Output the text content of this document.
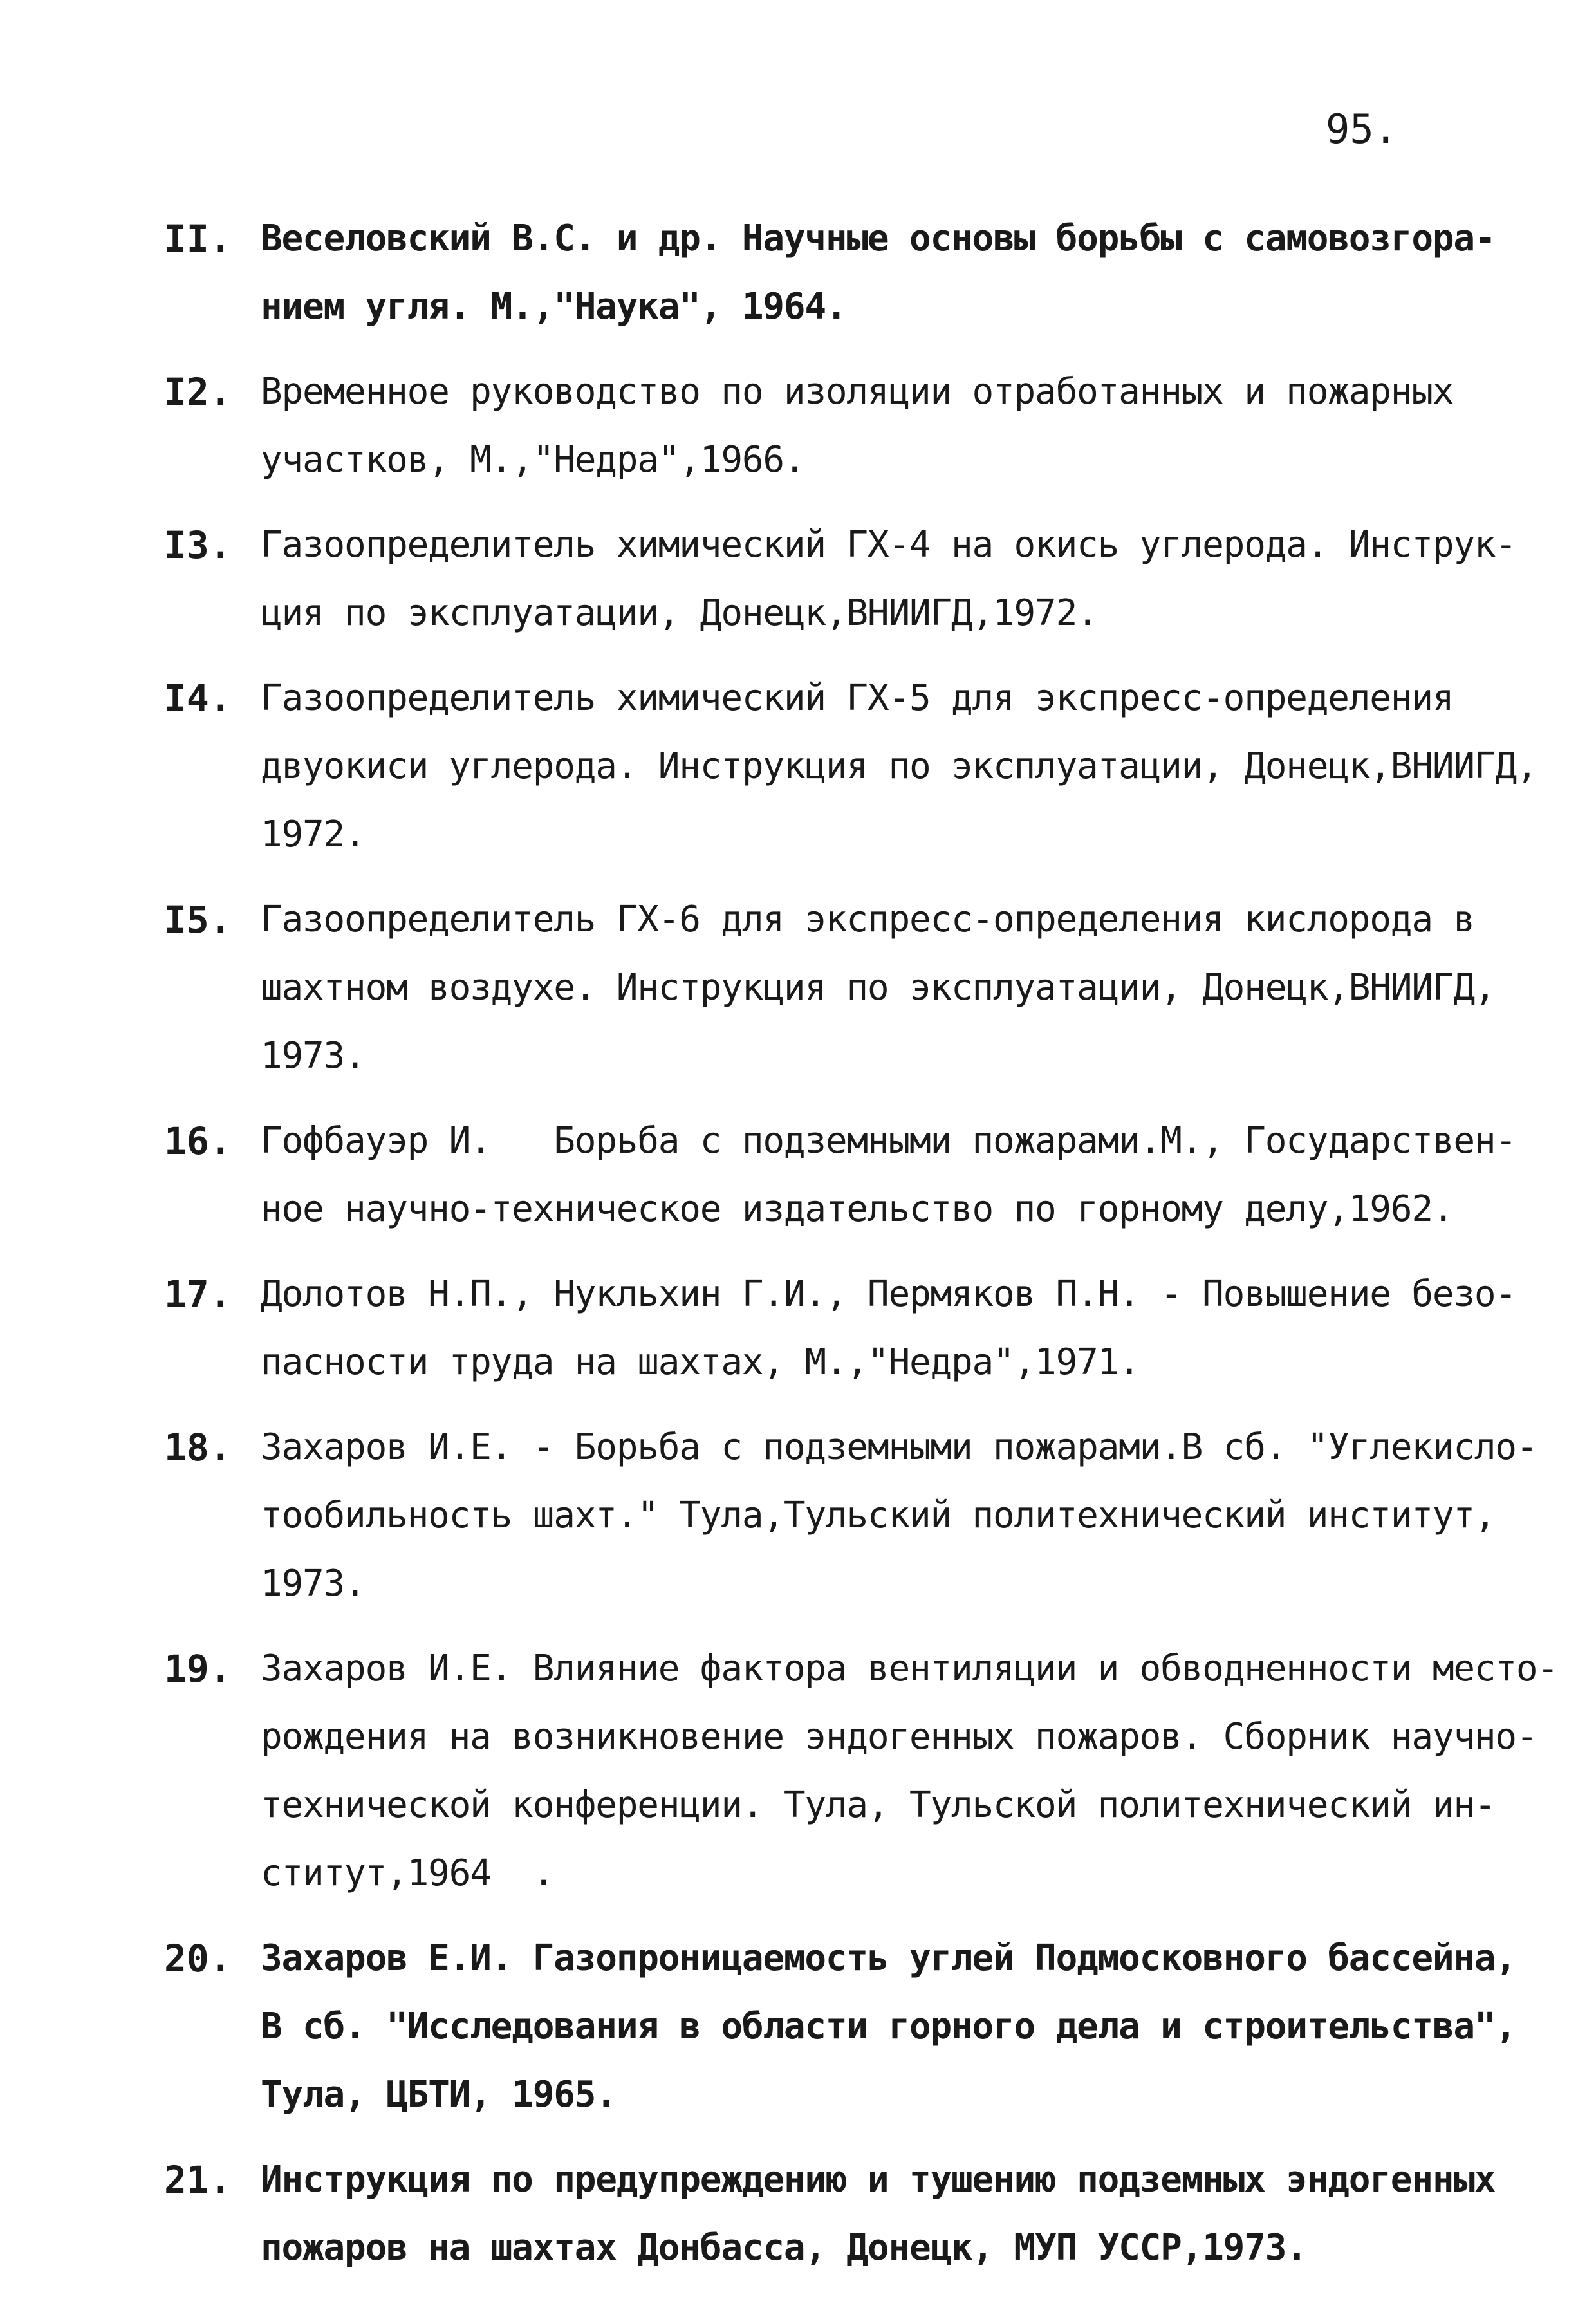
95.
II. Веселовский В.С. и др. Научные основы борьбы с самовозгора-
нием угля. М.,"Наука", 1964.
I2. Временное руководство по изоляции отработанных и пожарных
участков, М.,"Недра",1966.
I3. Газоопределитель химический ГХ-4 на окись углерода. Инструк-
ция по эксплуатации, Донецк,ВНИИГД,1972.
I4. Газоопределитель химический ГХ-5 для экспресс-определения
двуокиси углерода. Инструкция по эксплуатации, Донецк,ВНИИГД,
1972.
I5. Газоопределитель ГХ-6 для экспресс-определения кислорода в
шахтном воздухе. Инструкция по эксплуатации, Донецк,ВНИИГД,
1973.
16. Гофбауэр И.   Борьба с подземными пожарами.М., Государствен-
ное научно-техническое издательство по горному делу,1962.
17. Долотов Н.П., Нукльхин Г.И., Пермяков П.Н. - Повышение безо-
пасности труда на шахтах, М.,"Недра",1971.
18. Захаров И.Е. - Борьба с подземными пожарами.В сб. "Углекисло-
тообильность шахт." Тула,Тульский политехнический институт,
1973.
19. Захаров И.Е. Влияние фактора вентиляции и обводненности место-
рождения на возникновение эндогенных пожаров. Сборник научно-
технической конференции. Тула, Тульской политехнический ин-
ститут,1964  .
20. Захаров Е.И. Газопроницаемость углей Подмосковного бассейна,
В сб. "Исследования в области горного дела и строительства",
Тула, ЦБТИ, 1965.
21. Инструкция по предупреждению и тушению подземных эндогенных
пожаров на шахтах Донбасса, Донецк, МУП УССР,1973.
